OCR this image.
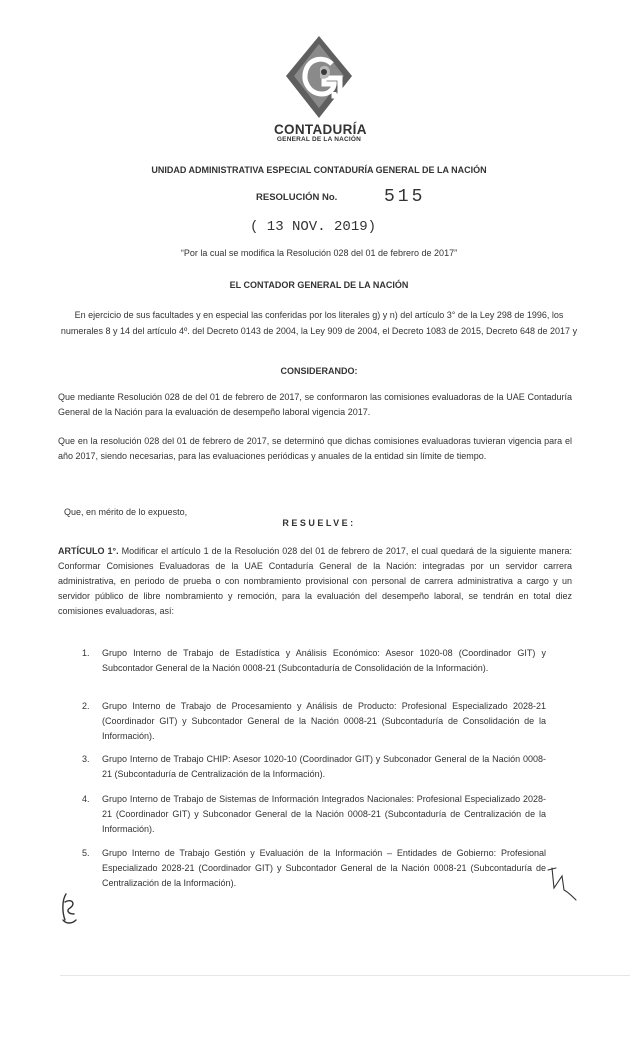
CONTADURÍA
GENERAL DE LA NACIÓN
UNIDAD ADMINISTRATIVA ESPECIAL CONTADURÍA GENERAL DE LA NACIÓN
RESOLUCIÓN No.	515
( 13 NOV. 2019)
“Por la cual se modifica la Resolución 028 del 01 de febrero de 2017”
EL CONTADOR GENERAL DE LA NACIÓN
En ejercicio de sus facultades y en especial las conferidas por los literales g) y n) del artículo 3° de la Ley 298 de 1996, los numerales 8 y 14 del artículo 4º. del Decreto 0143 de 2004, la Ley 909 de 2004, el Decreto 1083 de 2015, Decreto 648 de 2017 y
CONSIDERANDO:
Que mediante Resolución 028 de del 01 de febrero de 2017, se conformaron las comisiones evaluadoras de la UAE Contaduría General de la Nación para la evaluación de desempeño laboral vigencia 2017.
Que en la resolución 028 del 01 de febrero de 2017, se determinó que dichas comisiones evaluadoras tuvieran vigencia para el año 2017, siendo necesarias, para las evaluaciones periódicas y anuales de la entidad sin límite de tiempo.
Que, en mérito de lo expuesto,
RESUELVE:
ARTÍCULO 1°. Modificar el artículo 1 de la Resolución 028 del 01 de febrero de 2017, el cual quedará de la siguiente manera: Conformar Comisiones Evaluadoras de la UAE Contaduría General de la Nación: integradas por un servidor carrera administrativa, en periodo de prueba o con nombramiento provisional con personal de carrera administrativa a cargo y un servidor público de libre nombramiento y remoción, para la evaluación del desempeño laboral, se tendrán en total diez comisiones evaluadoras, así:
1.	Grupo Interno de Trabajo de Estadística y Análisis Económico: Asesor 1020-08 (Coordinador GIT) y Subcontador General de la Nación 0008-21 (Subcontaduría de Consolidación de la Información).
2.	Grupo Interno de Trabajo de Procesamiento y Análisis de Producto: Profesional Especializado 2028-21 (Coordinador GIT) y Subcontador General de la Nación 0008-21 (Subcontaduría de Consolidación de la Información).
3.	Grupo Interno de Trabajo CHIP: Asesor 1020-10 (Coordinador GIT) y Subconador General de la Nación 0008-21 (Subcontaduría de Centralización de la Información).
4.	Grupo Interno de Trabajo de Sistemas de Información Integrados Nacionales: Profesional Especializado 2028-21 (Coordinador GIT) y Subconador General de la Nación 0008-21 (Subcontaduría de Centralización de la Información).
5.	Grupo Interno de Trabajo Gestión y Evaluación de la Información – Entidades de Gobierno: Profesional Especializado 2028-21 (Coordinador GIT) y Subcontador General de la Nación 0008-21 (Subcontaduría de Centralización de la Información).
